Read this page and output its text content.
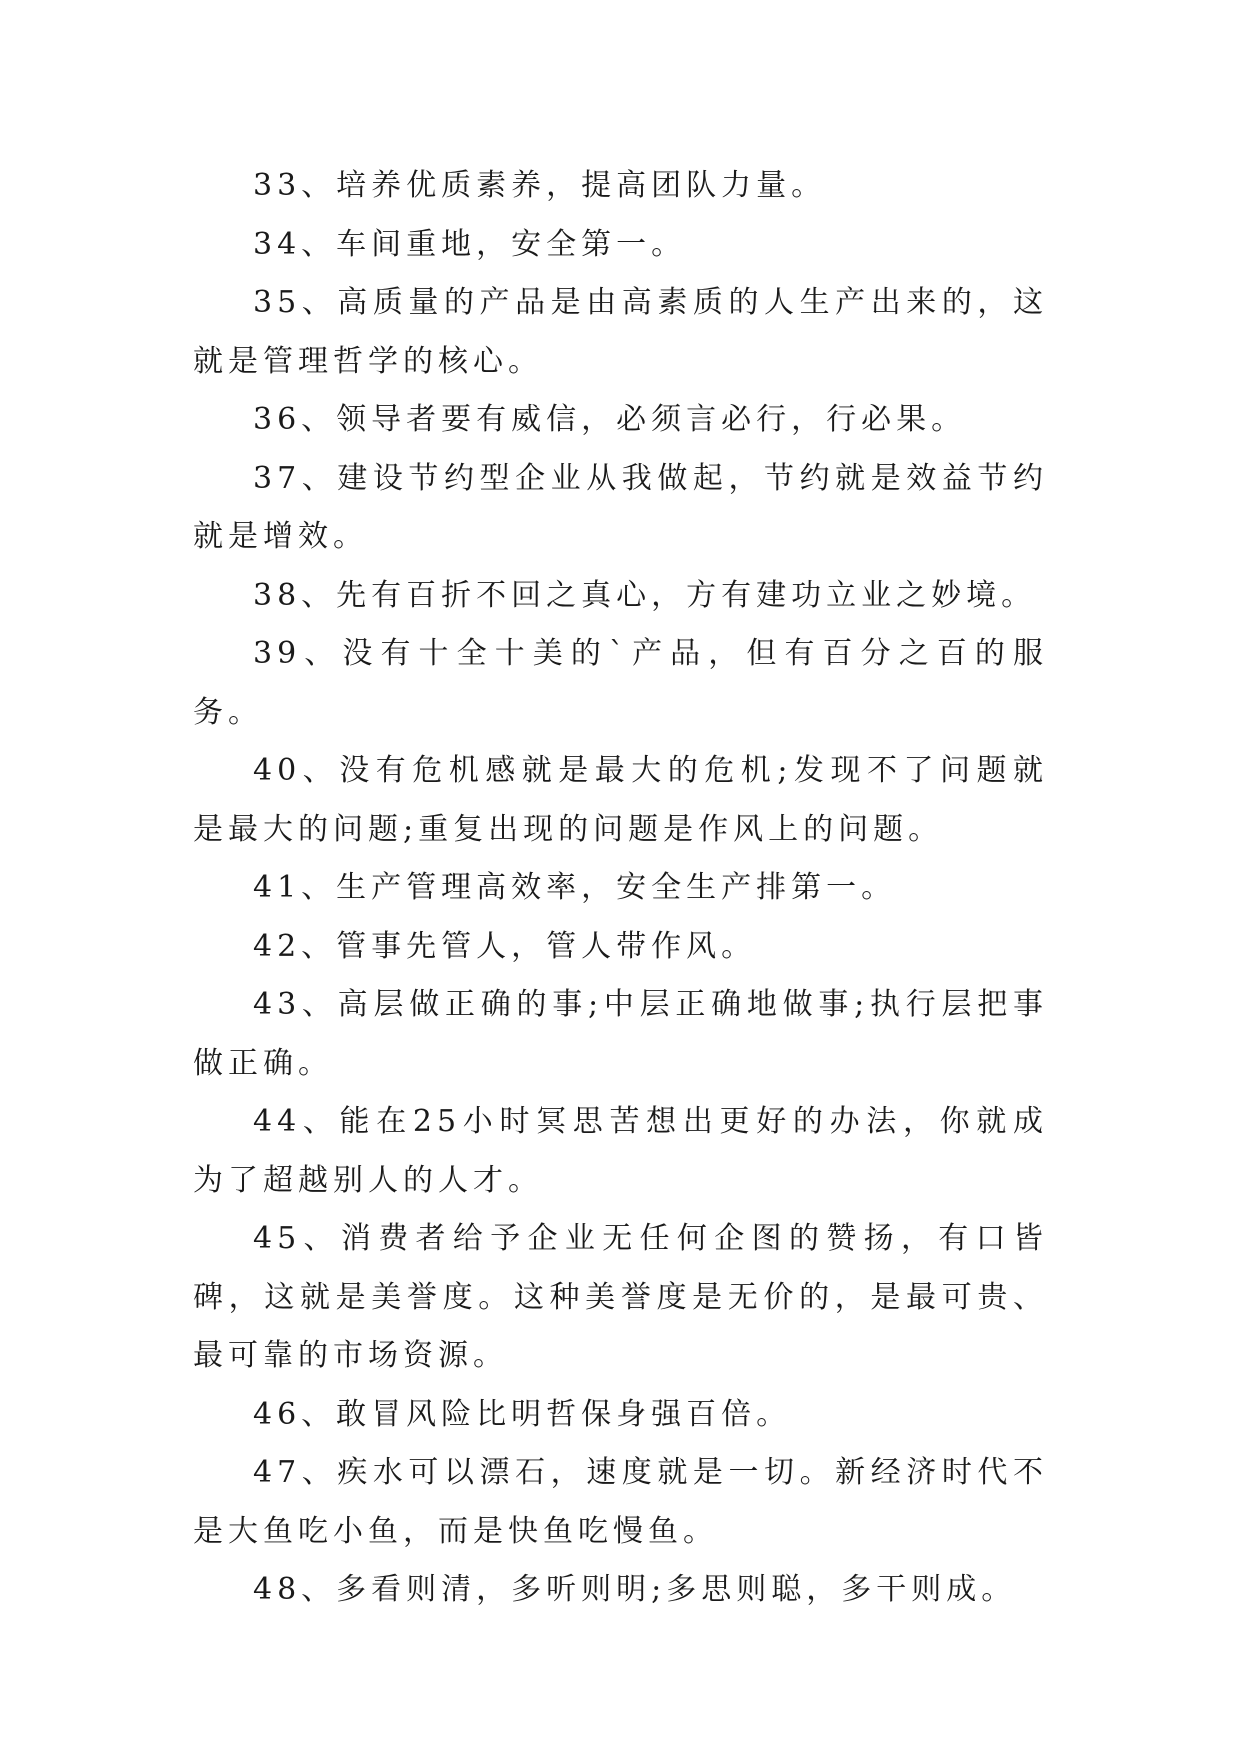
33、培养优质素养，提高团队力量。

34、车间重地，安全第一。

35、高质量的产品是由高素质的人生产出来的，这就是管理哲学的核心。

36、领导者要有威信，必须言必行，行必果。

37、建设节约型企业从我做起，节约就是效益节约就是增效。

38、先有百折不回之真心，方有建功立业之妙境。

39、没有十全十美的`产品，但有百分之百的服务。

40、没有危机感就是最大的危机;发现不了问题就是最大的问题;重复出现的问题是作风上的问题。

41、生产管理高效率，安全生产排第一。

42、管事先管人，管人带作风。

43、高层做正确的事;中层正确地做事;执行层把事做正确。

44、能在25小时冥思苦想出更好的办法，你就成为了超越别人的人才。

45、消费者给予企业无任何企图的赞扬，有口皆碑，这就是美誉度。这种美誉度是无价的，是最可贵、最可靠的市场资源。

46、敢冒风险比明哲保身强百倍。

47、疾水可以漂石，速度就是一切。新经济时代不是大鱼吃小鱼，而是快鱼吃慢鱼。

48、多看则清，多听则明;多思则聪，多干则成。
